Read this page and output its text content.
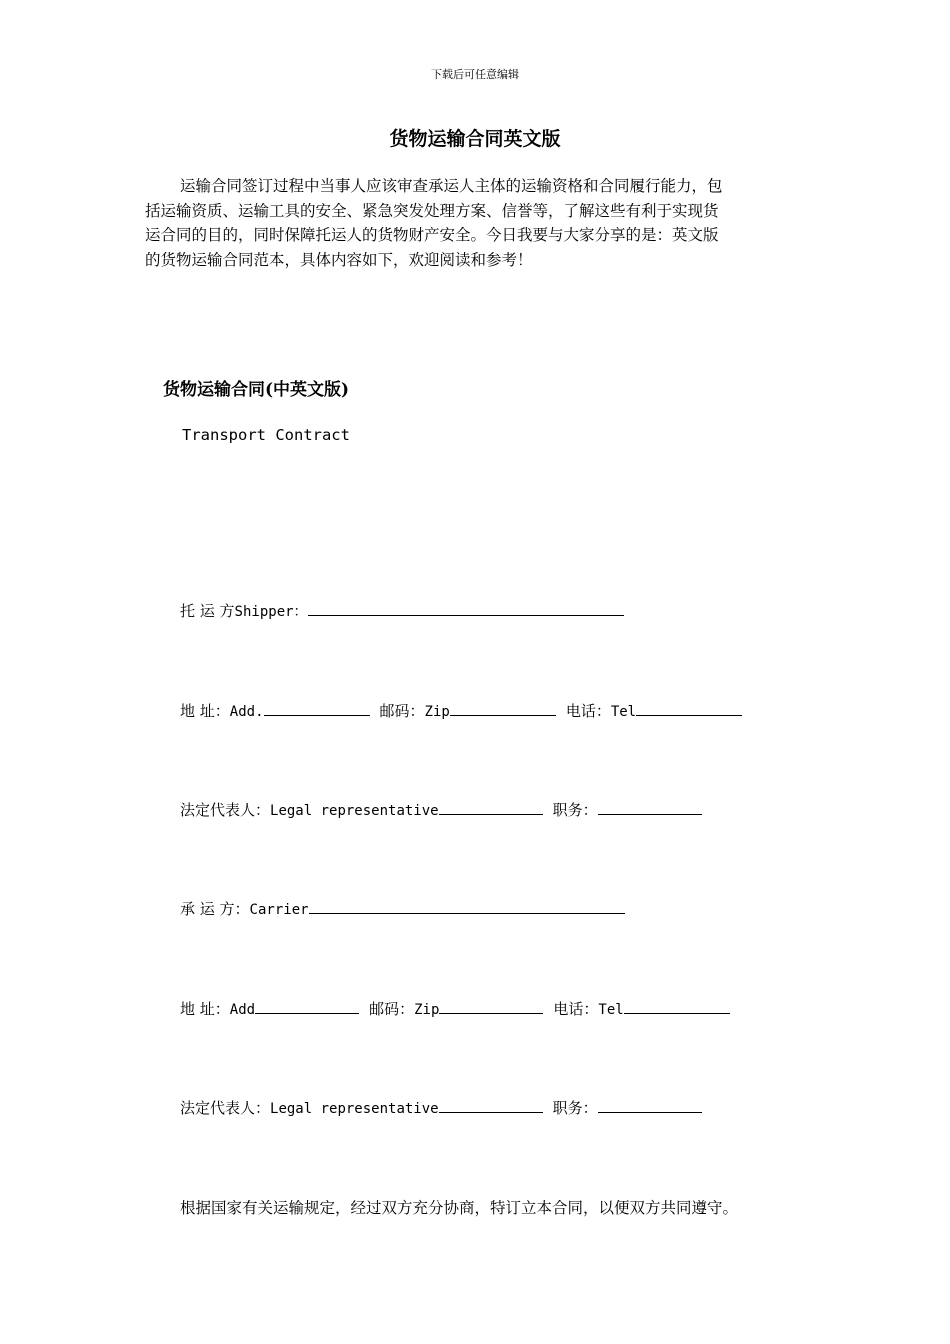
下载后可任意编辑
货物运输合同英文版
运输合同签订过程中当事人应该审查承运人主体的运输资格和合同履行能力，包
括运输资质、运输工具的安全、紧急突发处理方案、信誉等，了解这些有利于实现货
运合同的目的，同时保障托运人的货物财产安全。今日我要与大家分享的是：英文版
的货物运输合同范本，具体内容如下，欢迎阅读和参考！
货物运输合同(中英文版)
Transport Contract
托 运 方Shipper：
地 址：Add.	邮码：Zip	电话：Tel
法定代表人：Legal representative	职务：
承 运 方：Carrier
地 址：Add	邮码：Zip	电话：Tel
法定代表人：Legal representative	职务：
根据国家有关运输规定，经过双方充分协商，特订立本合同，以便双方共同遵守。
